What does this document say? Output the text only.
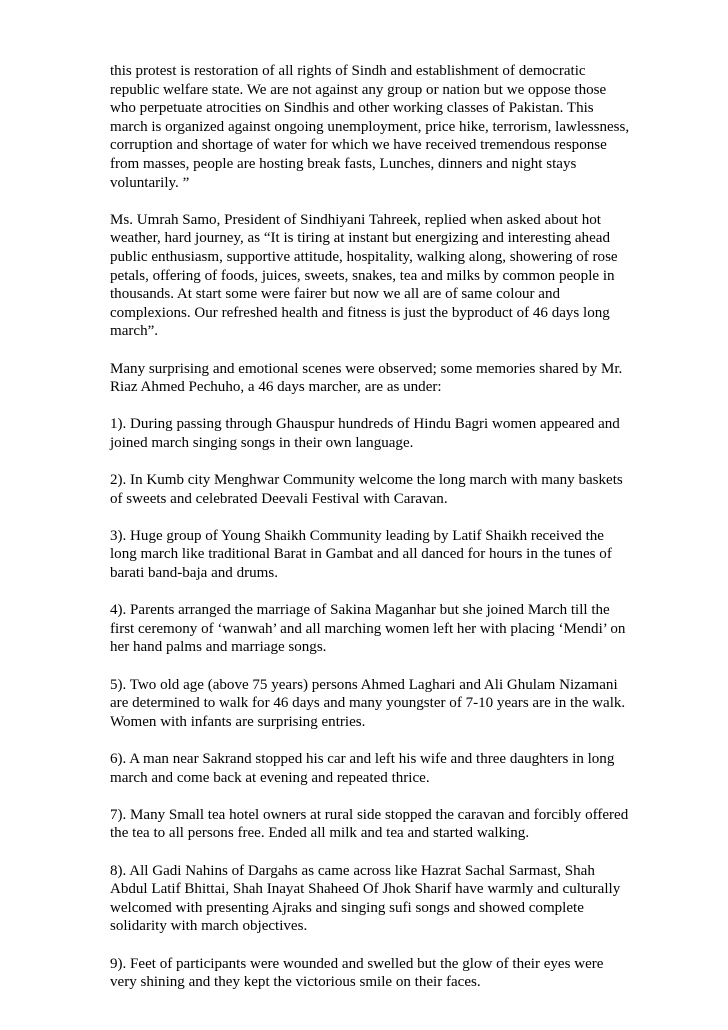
this protest is restoration of all rights of Sindh and establishment of democratic
republic welfare state. We are not against any group or nation but we oppose those
who perpetuate atrocities on Sindhis and other working classes of Pakistan. This
march is organized against ongoing unemployment, price hike, terrorism, lawlessness,
corruption and shortage of water for which we have received tremendous response
from masses, people are hosting break fasts, Lunches, dinners and night stays
voluntarily. ”

Ms. Umrah Samo, President of Sindhiyani Tahreek, replied when asked about hot
weather, hard journey, as “It is tiring at instant but energizing and interesting ahead
public enthusiasm, supportive attitude, hospitality, walking along, showering of rose
petals, offering of foods, juices, sweets, snakes, tea and milks by common people in
thousands. At start some were fairer but now we all are of same colour and
complexions. Our refreshed health and fitness is just the byproduct of 46 days long
march”.

Many surprising and emotional scenes were observed; some memories shared by Mr.
Riaz Ahmed Pechuho, a 46 days marcher, are as under:

1). During passing through Ghauspur hundreds of Hindu Bagri women appeared and
joined march singing songs in their own language.

2). In Kumb city Menghwar Community welcome the long march with many baskets
of sweets and celebrated Deevali Festival with Caravan.

3). Huge group of Young Shaikh Community leading by Latif Shaikh received the
long march like traditional Barat in Gambat and all danced for hours in the tunes of
barati band-baja and drums.

4). Parents arranged the marriage of Sakina Maganhar but she joined March till the
first ceremony of ‘wanwah’ and all marching women left her with placing ‘Mendi’ on
her hand palms and marriage songs.

5). Two old age (above 75 years) persons Ahmed Laghari and Ali Ghulam Nizamani
are determined to walk for 46 days and many youngster of 7-10 years are in the walk.
Women with infants are surprising entries.

6). A man near Sakrand stopped his car and left his wife and three daughters in long
march and come back at evening and repeated thrice.

7). Many Small tea hotel owners at rural side stopped the caravan and forcibly offered
the tea to all persons free. Ended all milk and tea and started walking.

8). All Gadi Nahins of Dargahs as came across like Hazrat Sachal Sarmast, Shah
Abdul Latif Bhittai, Shah Inayat Shaheed Of Jhok Sharif have warmly and culturally
welcomed with presenting Ajraks and singing sufi songs and showed complete
solidarity with march objectives.

9). Feet of participants were wounded and swelled but the glow of their eyes were
very shining and they kept the victorious smile on their faces.
